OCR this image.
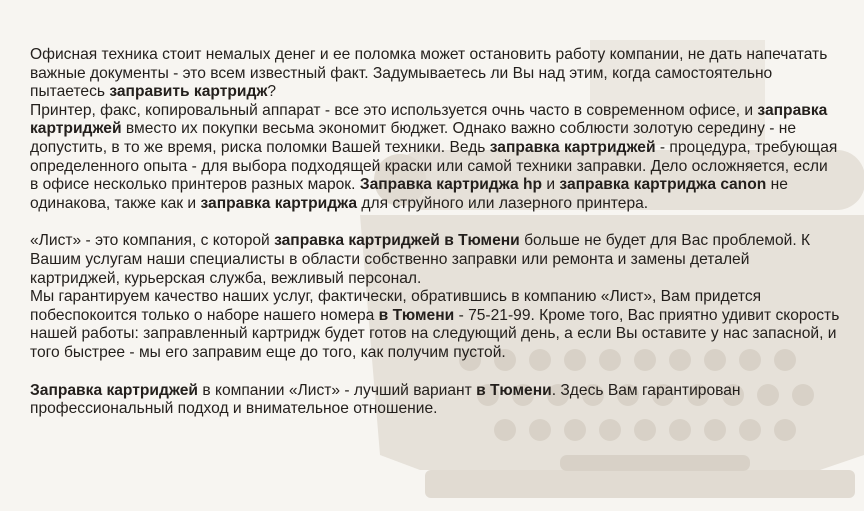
Офисная техника стоит немалых денег и ее поломка может остановить работу компании, не дать напечатать важные документы - это всем известный факт. Задумываетесь ли Вы над этим, когда самостоятельно пытаетесь заправить картридж?

Принтер, факс, копировальный аппарат - все это используется очнь часто в современном офисе, и заправка картриджей вместо их покупки весьма экономит бюджет. Однако важно соблюсти золотую середину - не допустить, в то же время, риска поломки Вашей техники. Ведь заправка картриджей - процедура, требующая определенного опыта - для выбора подходящей краски или самой техники заправки. Дело осложняется, если в офисе несколько принтеров разных марок. Заправка картриджа hp и заправка картриджа canon не одинакова, также как и заправка картриджа для струйного или лазерного принтера.

«Лист» - это компания, с которой заправка картриджей в Тюмени больше не будет для Вас проблемой. К Вашим услугам наши специалисты в области собственно заправки или ремонта и замены деталей картриджей, курьерская служба, вежливый персонал.

Мы гарантируем качество наших услуг, фактически, обратившись в компанию «Лист», Вам придется побеспокоится только о наборе нашего номера в Тюмени - 75-21-99. Кроме того, Вас приятно удивит скорость нашей работы: заправленный картридж будет готов на следующий день, а если Вы оставите у нас запасной, и того быстрее - мы его заправим еще до того, как получим пустой.

Заправка картриджей в компании «Лист» - лучший вариант в Тюмени. Здесь Вам гарантирован профессиональный подход и внимательное отношение.
